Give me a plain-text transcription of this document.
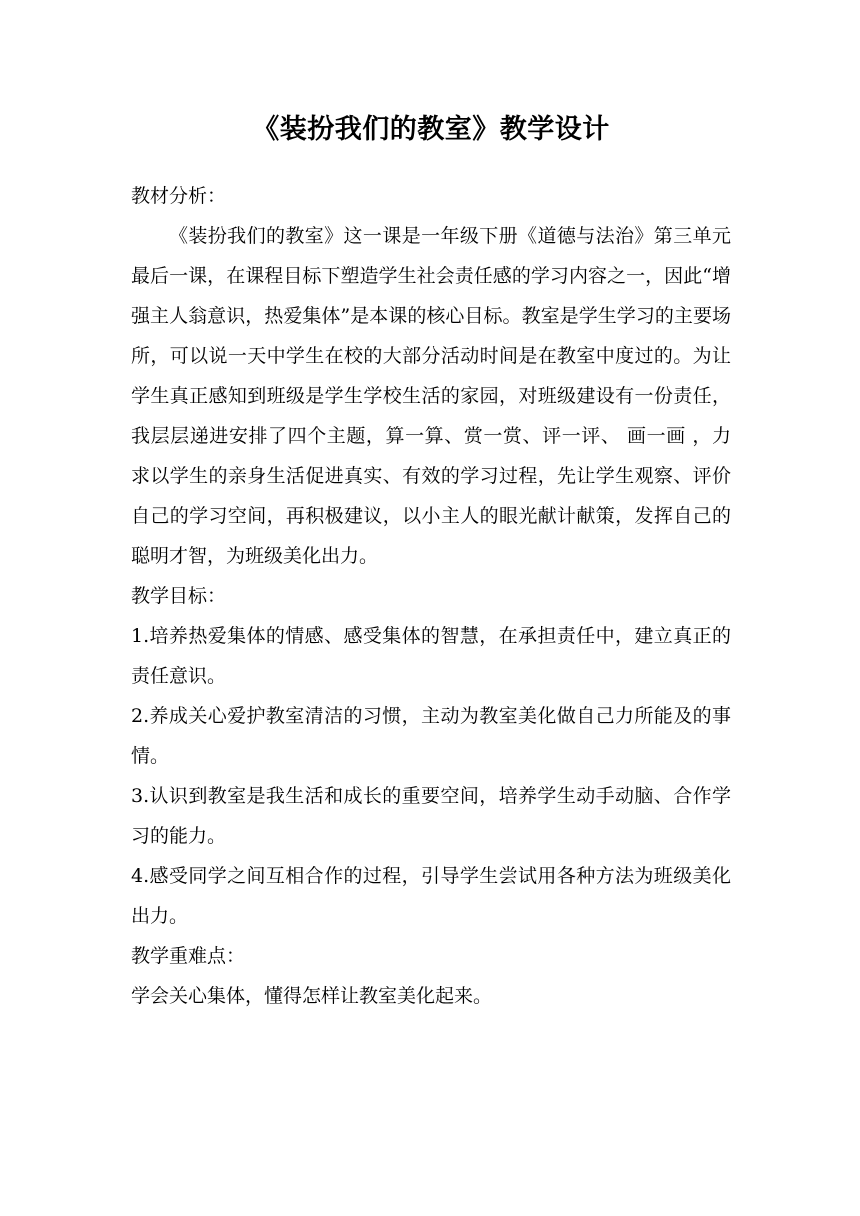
《装扮我们的教室》教学设计

教材分析：

《装扮我们的教室》这一课是一年级下册《道德与法治》第三单元最后一课，在课程目标下塑造学生社会责任感的学习内容之一，因此“增强主人翁意识，热爱集体”是本课的核心目标。教室是学生学习的主要场所，可以说一天中学生在校的大部分活动时间是在教室中度过的。为让学生真正感知到班级是学生学校生活的家园，对班级建设有一份责任， 我层层递进安排了四个主题，算一算、赏一赏、评一评、 画一画 ，力求以学生的亲身生活促进真实、有效的学习过程，先让学生观察、评价自己的学习空间，再积极建议，以小主人的眼光献计献策，发挥自己的聪明才智，为班级美化出力。

教学目标：

1.培养热爱集体的情感、感受集体的智慧，在承担责任中，建立真正的责任意识。

2.养成关心爱护教室清洁的习惯，主动为教室美化做自己力所能及的事情。

3.认识到教室是我生活和成长的重要空间，培养学生动手动脑、合作学习的能力。

4.感受同学之间互相合作的过程，引导学生尝试用各种方法为班级美化出力。

教学重难点：

学会关心集体，懂得怎样让教室美化起来。
